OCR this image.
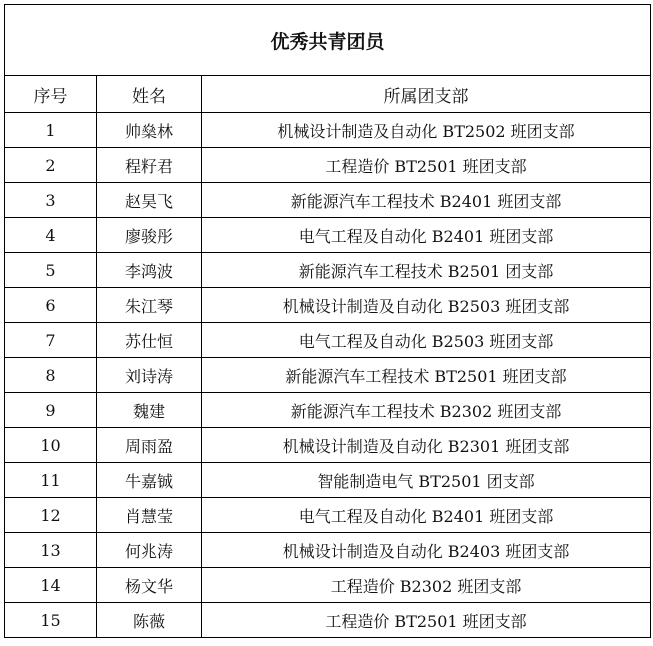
优秀共青团员		
序号	姓名	所属团支部
1	帅燊林	机械设计制造及自动化 BT2502 班团支部
2	程籽君	工程造价 BT2501 班团支部
3	赵昊飞	新能源汽车工程技术 B2401 班团支部
4	廖骏彤	电气工程及自动化 B2401 班团支部
5	李鸿波	新能源汽车工程技术 B2501 团支部
6	朱江琴	机械设计制造及自动化 B2503 班团支部
7	苏仕恒	电气工程及自动化 B2503 班团支部
8	刘诗涛	新能源汽车工程技术 BT2501 班团支部
9	魏建	新能源汽车工程技术 B2302 班团支部
10	周雨盈	机械设计制造及自动化 B2301 班团支部
11	牛嘉铖	智能制造电气 BT2501 团支部
12	肖慧莹	电气工程及自动化 B2401 班团支部
13	何兆涛	机械设计制造及自动化 B2403 班团支部
14	杨文华	工程造价 B2302 班团支部
15	陈薇	工程造价 BT2501 班团支部
